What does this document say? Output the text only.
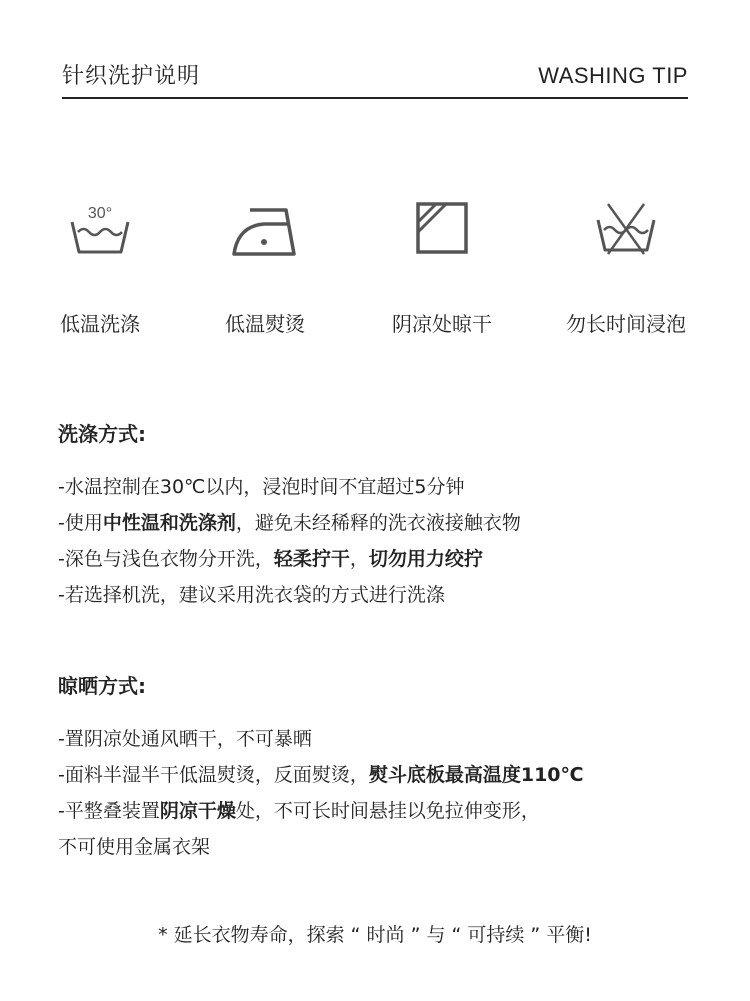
针织洗护说明	WASHING TIP
30°
低温洗涤	低温熨烫	阴凉处晾干	勿长时间浸泡
洗涤方式:
-水温控制在30℃以内，浸泡时间不宜超过5分钟
-使用中性温和洗涤剂，避免未经稀释的洗衣液接触衣物
-深色与浅色衣物分开洗，轻柔拧干，切勿用力绞拧
-若选择机洗，建议采用洗衣袋的方式进行洗涤
晾晒方式:
-置阴凉处通风晒干，不可暴晒
-面料半湿半干低温熨烫，反面熨烫，熨斗底板最高温度110℃
-平整叠装置阴凉干燥处，不可长时间悬挂以免拉伸变形，
不可使用金属衣架
* 延长衣物寿命，探索 “ 时尚 ” 与 “ 可持续 ” 平衡!
